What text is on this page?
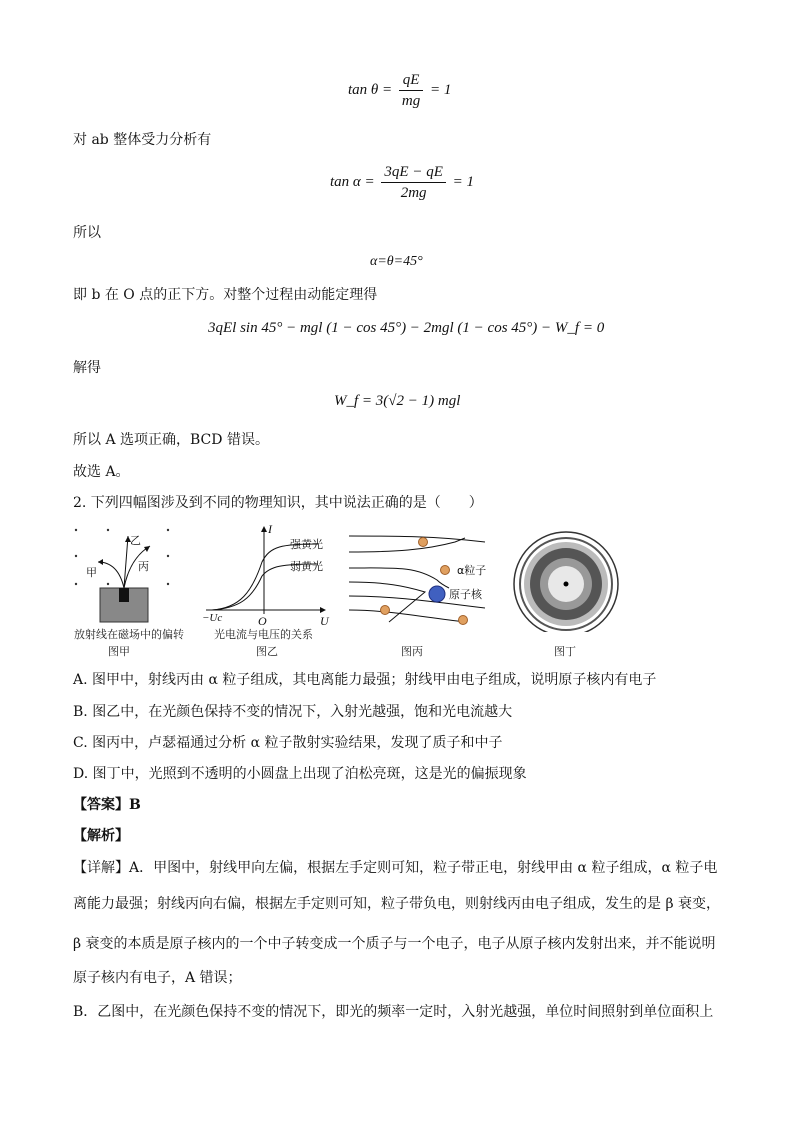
$\tan \theta = \frac{qE}{mg} = 1$
对 ab 整体受力分析有
$\tan \alpha = \frac{3qE - qE}{2mg} = 1$
所以
α=θ=45°
即 b 在 O 点的正下方。对整个过程由动能定理得
3qEl sin 45° − mgl (1 − cos 45°) − 2mgl (1 − cos 45°) − W_f = 0
解得
W_f = 3(√2 − 1) mgl
所以 A 选项正确，BCD 错误。
故选 A。
2. 下列四幅图涉及到不同的物理知识，其中说法正确的是（　　）
甲
乙
丙
放射线在磁场中的偏转
图甲
I
U
O
−Uc
强黄光
弱黄光
光电流与电压的关系
图乙
α粒子
原子核
图丙	图丁
A. 图甲中，射线丙由 α 粒子组成，其电离能力最强；射线甲由电子组成，说明原子核内有电子
B. 图乙中，在光颜色保持不变的情况下，入射光越强，饱和光电流越大
C. 图丙中，卢瑟福通过分析 α 粒子散射实验结果，发现了质子和中子
D. 图丁中，光照到不透明的小圆盘上出现了泊松亮斑，这是光的偏振现象
【答案】B
【解析】
【详解】A．甲图中，射线甲向左偏，根据左手定则可知，粒子带正电，射线甲由 α 粒子组成，α 粒子电
离能力最强；射线丙向右偏，根据左手定则可知，粒子带负电，则射线丙由电子组成，发生的是 β 衰变，
β 衰变的本质是原子核内的一个中子转变成一个质子与一个电子，电子从原子核内发射出来，并不能说明
原子核内有电子，A 错误；
B．乙图中，在光颜色保持不变的情况下，即光的频率一定时，入射光越强，单位时间照射到单位面积上
